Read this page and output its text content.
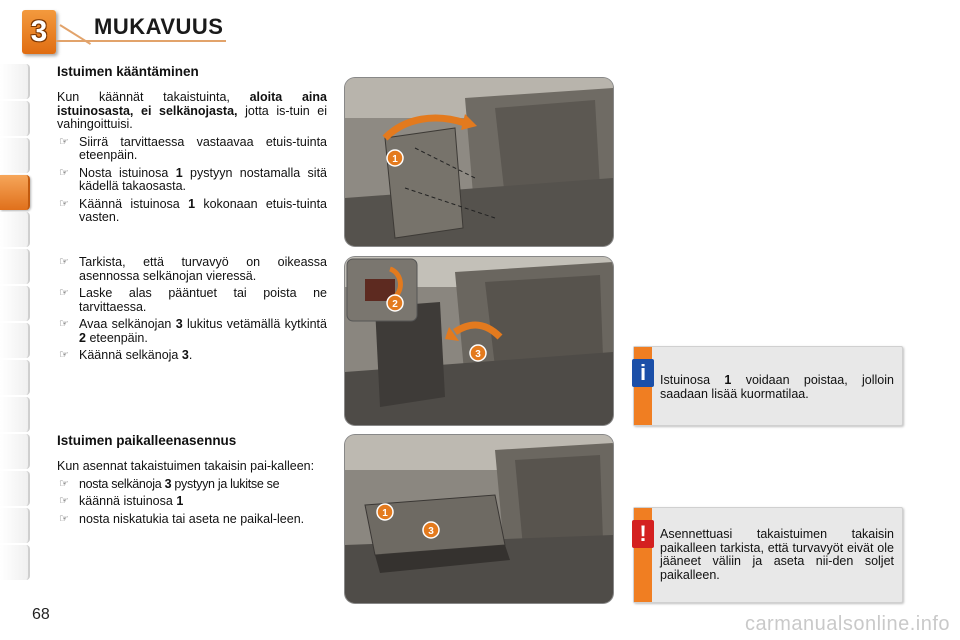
3 MUKAVUUS
Istuimen kääntäminen

Kun käännät takaistuinta, aloita aina istuinosasta, ei selkänojasta, jotta is-tuin ei vahingoittuisi.

☞ Siirrä tarvittaessa vastaavaa etuis-tuinta eteenpäin.
☞ Nosta istuinosa 1 pystyyn nostamalla sitä kädellä takaosasta.
☞ Käännä istuinosa 1 kokonaan etuis-tuinta vasten.
☞ Tarkista, että turvavyö on oikeassa asennossa selkänojan vieressä.
☞ Laske alas pääntuet tai poista ne tarvittaessa.
☞ Avaa selkänojan 3 lukitus vetämällä kytkintä 2 eteenpäin.
☞ Käännä selkänoja 3.
Istuimen paikalleenasennus

Kun asennat takaistuimen takaisin pai-kalleen:

☞ nosta selkänoja 3 pystyyn ja lukitse se
☞ käännä istuinosa 1
☞ nosta niskatukia tai aseta ne paikal-leen.
1
2
3
1
3
i	Istuinosa 1 voidaan poistaa, jolloin saadaan lisää kuormatilaa.
!	Asennettuasi takaistuimen takaisin paikalleen tarkista, että turvavyöt eivät ole jääneet väliin ja aseta nii-den soljet paikalleen.
68	carmanualsonline.info
